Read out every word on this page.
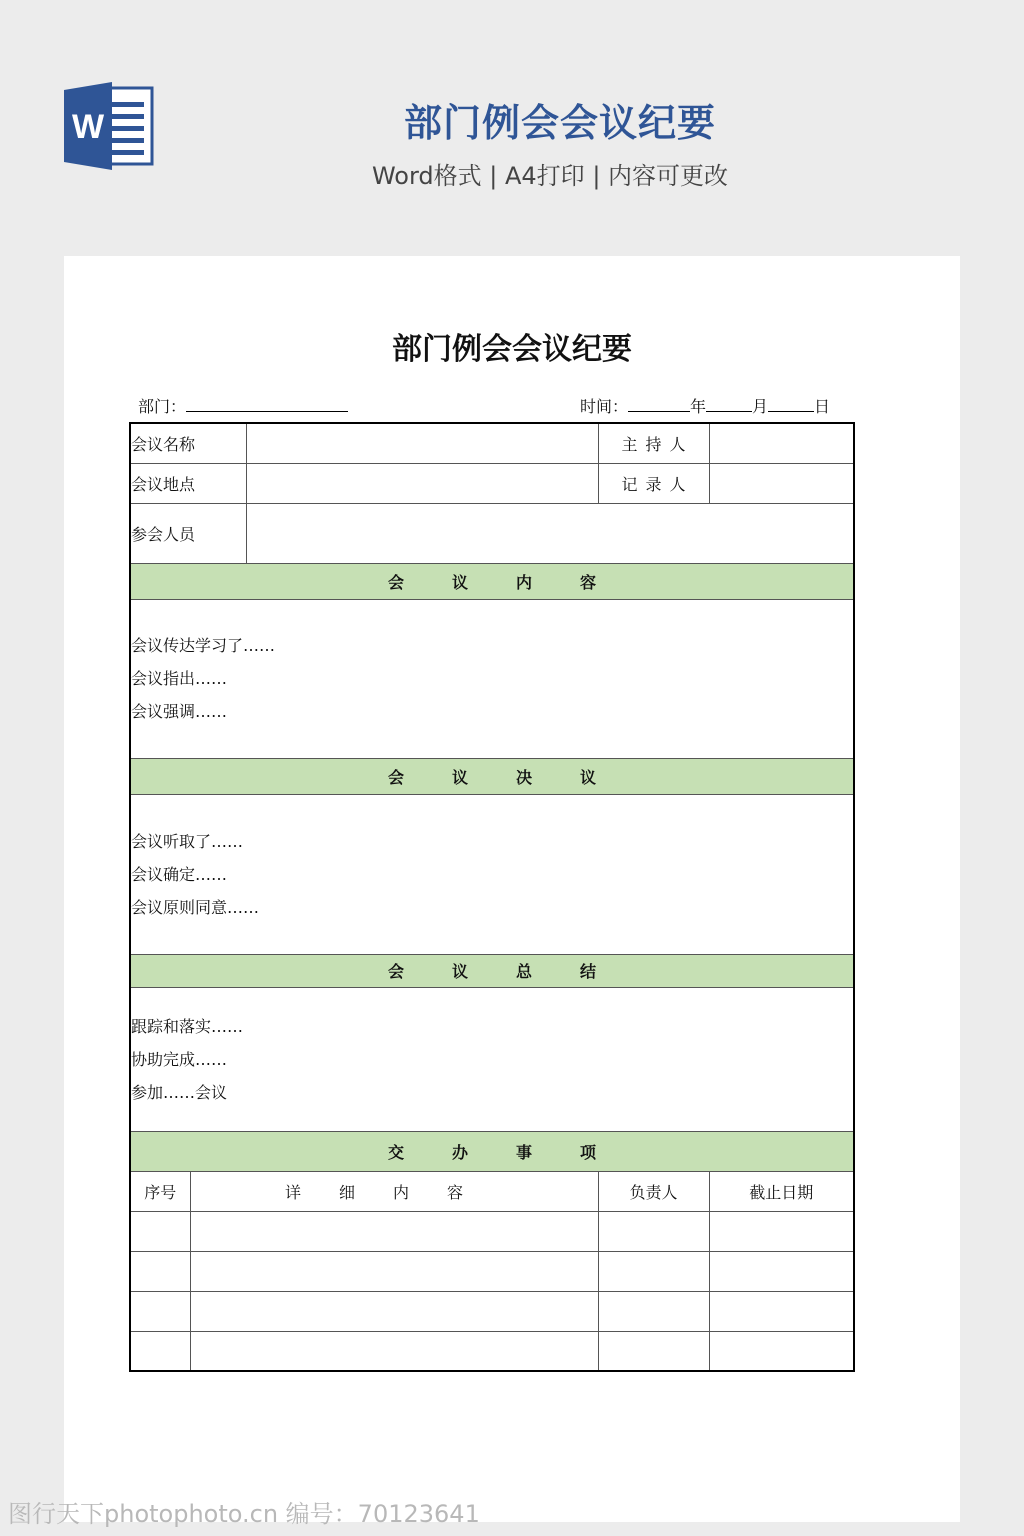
W	部门例会会议纪要
Word格式 | A4打印 | 内容可更改
部门例会会议纪要
部门：	时间：	年	月	日
会议名称			主 持 人	
会议地点			记 录 人	
参会人员				
会 议 内 容				

会议传达学习了……
会议指出……
会议强调……				

会 议 决 议				

会议听取了……
会议确定……
会议原则同意……				

会 议 总 结				

跟踪和落实……
协助完成……
参加……会议				

交 办 事 项				
序号	详 细 内 容		负责人	截止日期

图行天下photophoto.cn 编号：70123641
